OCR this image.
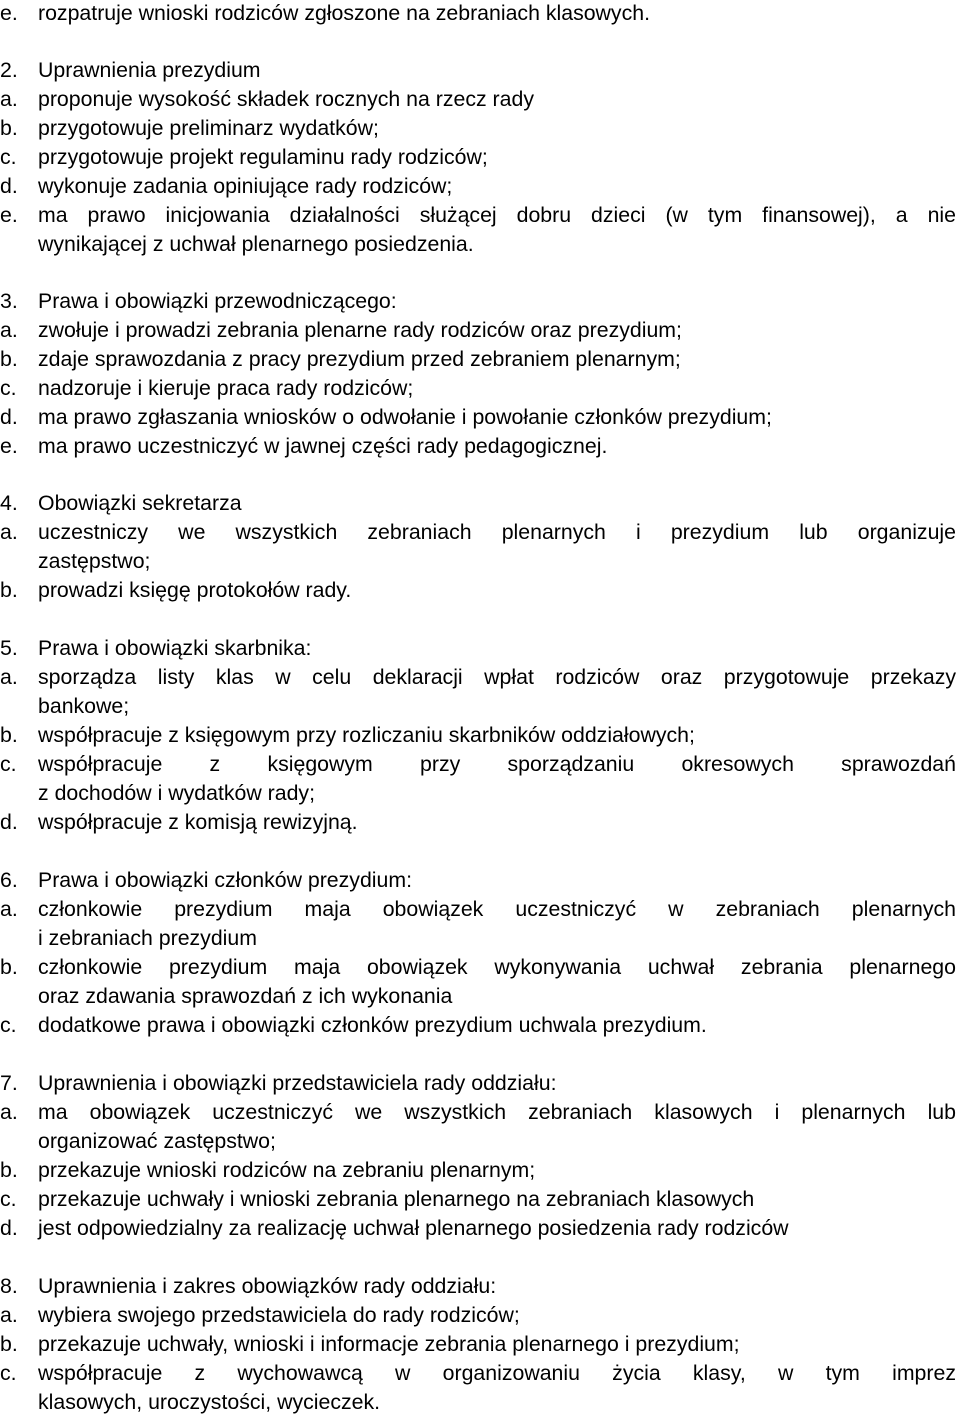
e. rozpatruje wnioski rodziców zgłoszone na zebraniach klasowych.
2. Uprawnienia prezydium
a. proponuje wysokość składek rocznych na rzecz rady
b. przygotowuje preliminarz wydatków;
c. przygotowuje projekt regulaminu rady rodziców;
d. wykonuje zadania opiniujące rady rodziców;
e. ma prawo inicjowania działalności służącej dobru dzieci (w tym finansowej), a nie
wynikającej z uchwał plenarnego posiedzenia.
3. Prawa i obowiązki przewodniczącego:
a. zwołuje i prowadzi zebrania plenarne rady rodziców oraz prezydium;
b. zdaje sprawozdania z pracy prezydium przed zebraniem plenarnym;
c. nadzoruje i kieruje praca rady rodziców;
d. ma prawo zgłaszania wniosków o odwołanie i powołanie członków prezydium;
e. ma prawo uczestniczyć w jawnej części rady pedagogicznej.
4. Obowiązki sekretarza
a. uczestniczy we wszystkich zebraniach plenarnych i prezydium lub organizuje
zastępstwo;
b. prowadzi księgę protokołów rady.
5. Prawa i obowiązki skarbnika:
a. sporządza listy klas w celu deklaracji wpłat rodziców oraz przygotowuje przekazy
bankowe;
b. współpracuje z księgowym przy rozliczaniu skarbników oddziałowych;
c. współpracuje z księgowym przy sporządzaniu okresowych sprawozdań
z dochodów i wydatków rady;
d. współpracuje z komisją rewizyjną.
6. Prawa i obowiązki członków prezydium:
a. członkowie prezydium maja obowiązek uczestniczyć w zebraniach plenarnych
i zebraniach prezydium
b. członkowie prezydium maja obowiązek wykonywania uchwał zebrania plenarnego
oraz zdawania sprawozdań z ich wykonania
c. dodatkowe prawa i obowiązki członków prezydium uchwala prezydium.
7. Uprawnienia i obowiązki przedstawiciela rady oddziału:
a. ma obowiązek uczestniczyć we wszystkich zebraniach klasowych i plenarnych lub
organizować zastępstwo;
b. przekazuje wnioski rodziców na zebraniu plenarnym;
c. przekazuje uchwały i wnioski zebrania plenarnego na zebraniach klasowych
d. jest odpowiedzialny za realizację uchwał plenarnego posiedzenia rady rodziców
8. Uprawnienia i zakres obowiązków rady oddziału:
a. wybiera swojego przedstawiciela do rady rodziców;
b. przekazuje uchwały, wnioski i informacje zebrania plenarnego i prezydium;
c. współpracuje z wychowawcą w organizowaniu życia klasy, w tym imprez
klasowych, uroczystości, wycieczek.
